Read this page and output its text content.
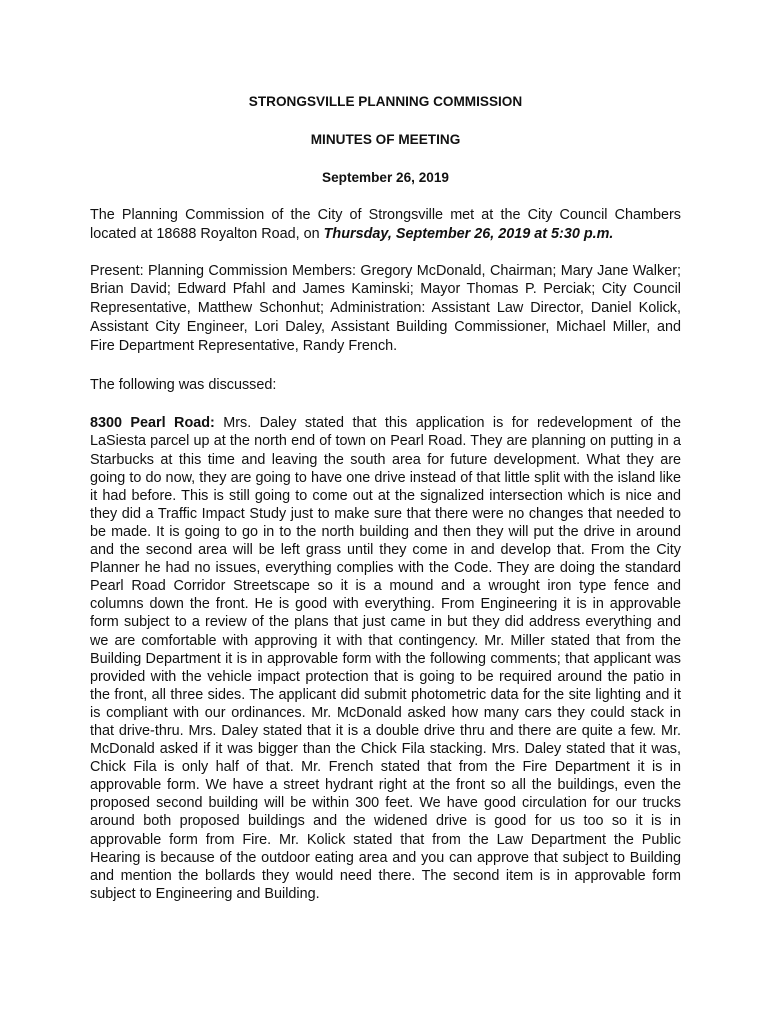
STRONGSVILLE PLANNING COMMISSION

MINUTES OF MEETING

September 26, 2019

The Planning Commission of the City of Strongsville met at the City Council Chambers located at 18688 Royalton Road, on Thursday, September 26, 2019 at 5:30 p.m.

Present: Planning Commission Members: Gregory McDonald, Chairman; Mary Jane Walker; Brian David; Edward Pfahl and James Kaminski; Mayor Thomas P. Perciak; City Council Representative, Matthew Schonhut; Administration: Assistant Law Director, Daniel Kolick, Assistant City Engineer, Lori Daley, Assistant Building Commissioner, Michael Miller, and Fire Department Representative, Randy French.

The following was discussed:

8300 Pearl Road: Mrs. Daley stated that this application is for redevelopment of the LaSiesta parcel up at the north end of town on Pearl Road. They are planning on putting in a Starbucks at this time and leaving the south area for future development. What they are going to do now, they are going to have one drive instead of that little split with the island like it had before. This is still going to come out at the signalized intersection which is nice and they did a Traffic Impact Study just to make sure that there were no changes that needed to be made. It is going to go in to the north building and then they will put the drive in around and the second area will be left grass until they come in and develop that. From the City Planner he had no issues, everything complies with the Code. They are doing the standard Pearl Road Corridor Streetscape so it is a mound and a wrought iron type fence and columns down the front. He is good with everything. From Engineering it is in approvable form subject to a review of the plans that just came in but they did address everything and we are comfortable with approving it with that contingency. Mr. Miller stated that from the Building Department it is in approvable form with the following comments; that applicant was provided with the vehicle impact protection that is going to be required around the patio in the front, all three sides. The applicant did submit photometric data for the site lighting and it is compliant with our ordinances. Mr. McDonald asked how many cars they could stack in that drive-thru. Mrs. Daley stated that it is a double drive thru and there are quite a few. Mr. McDonald asked if it was bigger than the Chick Fila stacking. Mrs. Daley stated that it was, Chick Fila is only half of that. Mr. French stated that from the Fire Department it is in approvable form. We have a street hydrant right at the front so all the buildings, even the proposed second building will be within 300 feet. We have good circulation for our trucks around both proposed buildings and the widened drive is good for us too so it is in approvable form from Fire. Mr. Kolick stated that from the Law Department the Public Hearing is because of the outdoor eating area and you can approve that subject to Building and mention the bollards they would need there. The second item is in approvable form subject to Engineering and Building.
